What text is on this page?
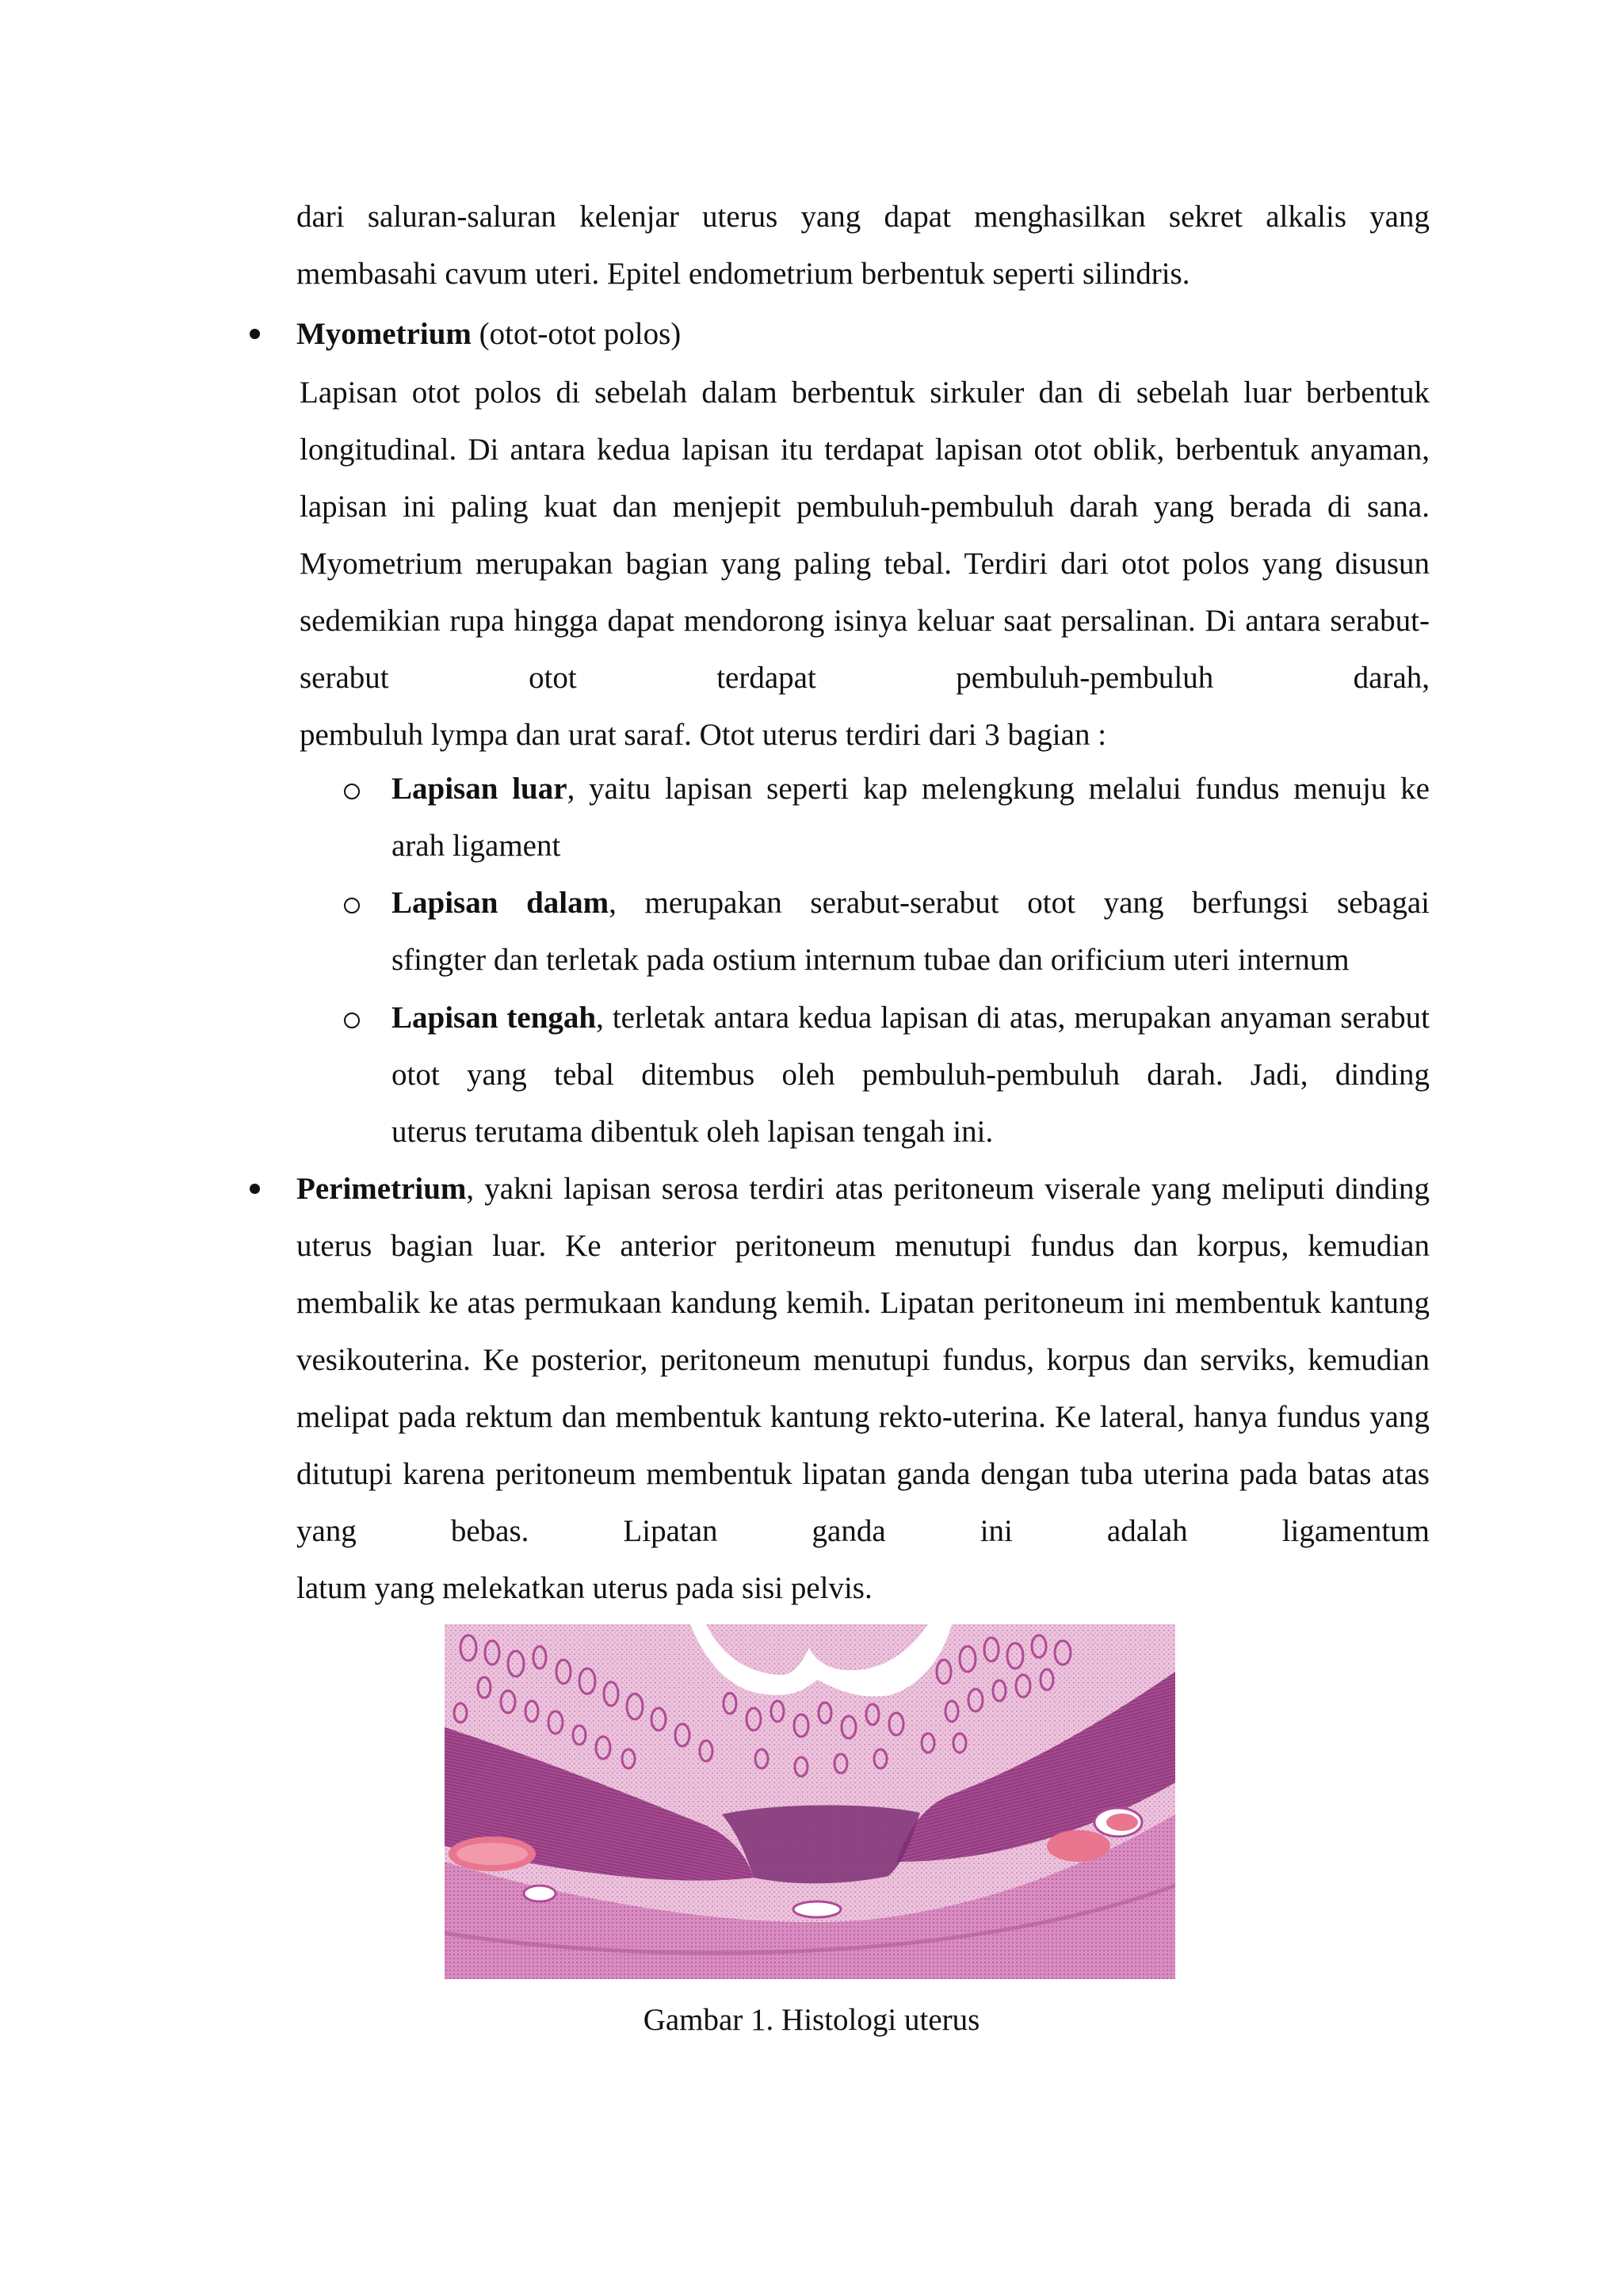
dari saluran-saluran kelenjar uterus yang dapat menghasilkan sekret alkalis yang
membasahi cavum uteri. Epitel endometrium berbentuk seperti silindris.

Myometrium (otot-otot polos)

Lapisan otot polos di sebelah dalam berbentuk sirkuler dan di sebelah luar berbentuk longitudinal. Di antara kedua lapisan itu terdapat lapisan otot oblik, berbentuk anyaman, lapisan ini paling kuat dan menjepit pembuluh-pembuluh darah yang berada di sana. Myometrium merupakan bagian yang paling tebal. Terdiri dari otot polos yang disusun sedemikian rupa hingga dapat mendorong isinya keluar saat persalinan. Di antara serabut-serabut otot terdapat pembuluh-pembuluh darah,
pembuluh lympa dan urat saraf. Otot uterus terdiri dari 3 bagian :

Lapisan luar, yaitu lapisan seperti kap melengkung melalui fundus menuju ke
arah ligament

Lapisan dalam, merupakan serabut-serabut otot yang berfungsi sebagai
sfingter dan terletak pada ostium internum tubae dan orificium uteri internum

Lapisan tengah, terletak antara kedua lapisan di atas, merupakan anyaman serabut otot yang tebal ditembus oleh pembuluh-pembuluh darah. Jadi, dinding
uterus terutama dibentuk oleh lapisan tengah ini.

Perimetrium, yakni lapisan serosa terdiri atas peritoneum viserale yang meliputi dinding uterus bagian luar. Ke anterior peritoneum menutupi fundus dan korpus, kemudian membalik ke atas permukaan kandung kemih. Lipatan peritoneum ini membentuk kantung vesikouterina. Ke posterior, peritoneum menutupi fundus, korpus dan serviks, kemudian melipat pada rektum dan membentuk kantung rekto-uterina. Ke lateral, hanya fundus yang ditutupi karena peritoneum membentuk lipatan ganda dengan tuba uterina pada batas atas yang bebas. Lipatan ganda ini adalah ligamentum
latum yang melekatkan uterus pada sisi pelvis.

Gambar 1. Histologi uterus
